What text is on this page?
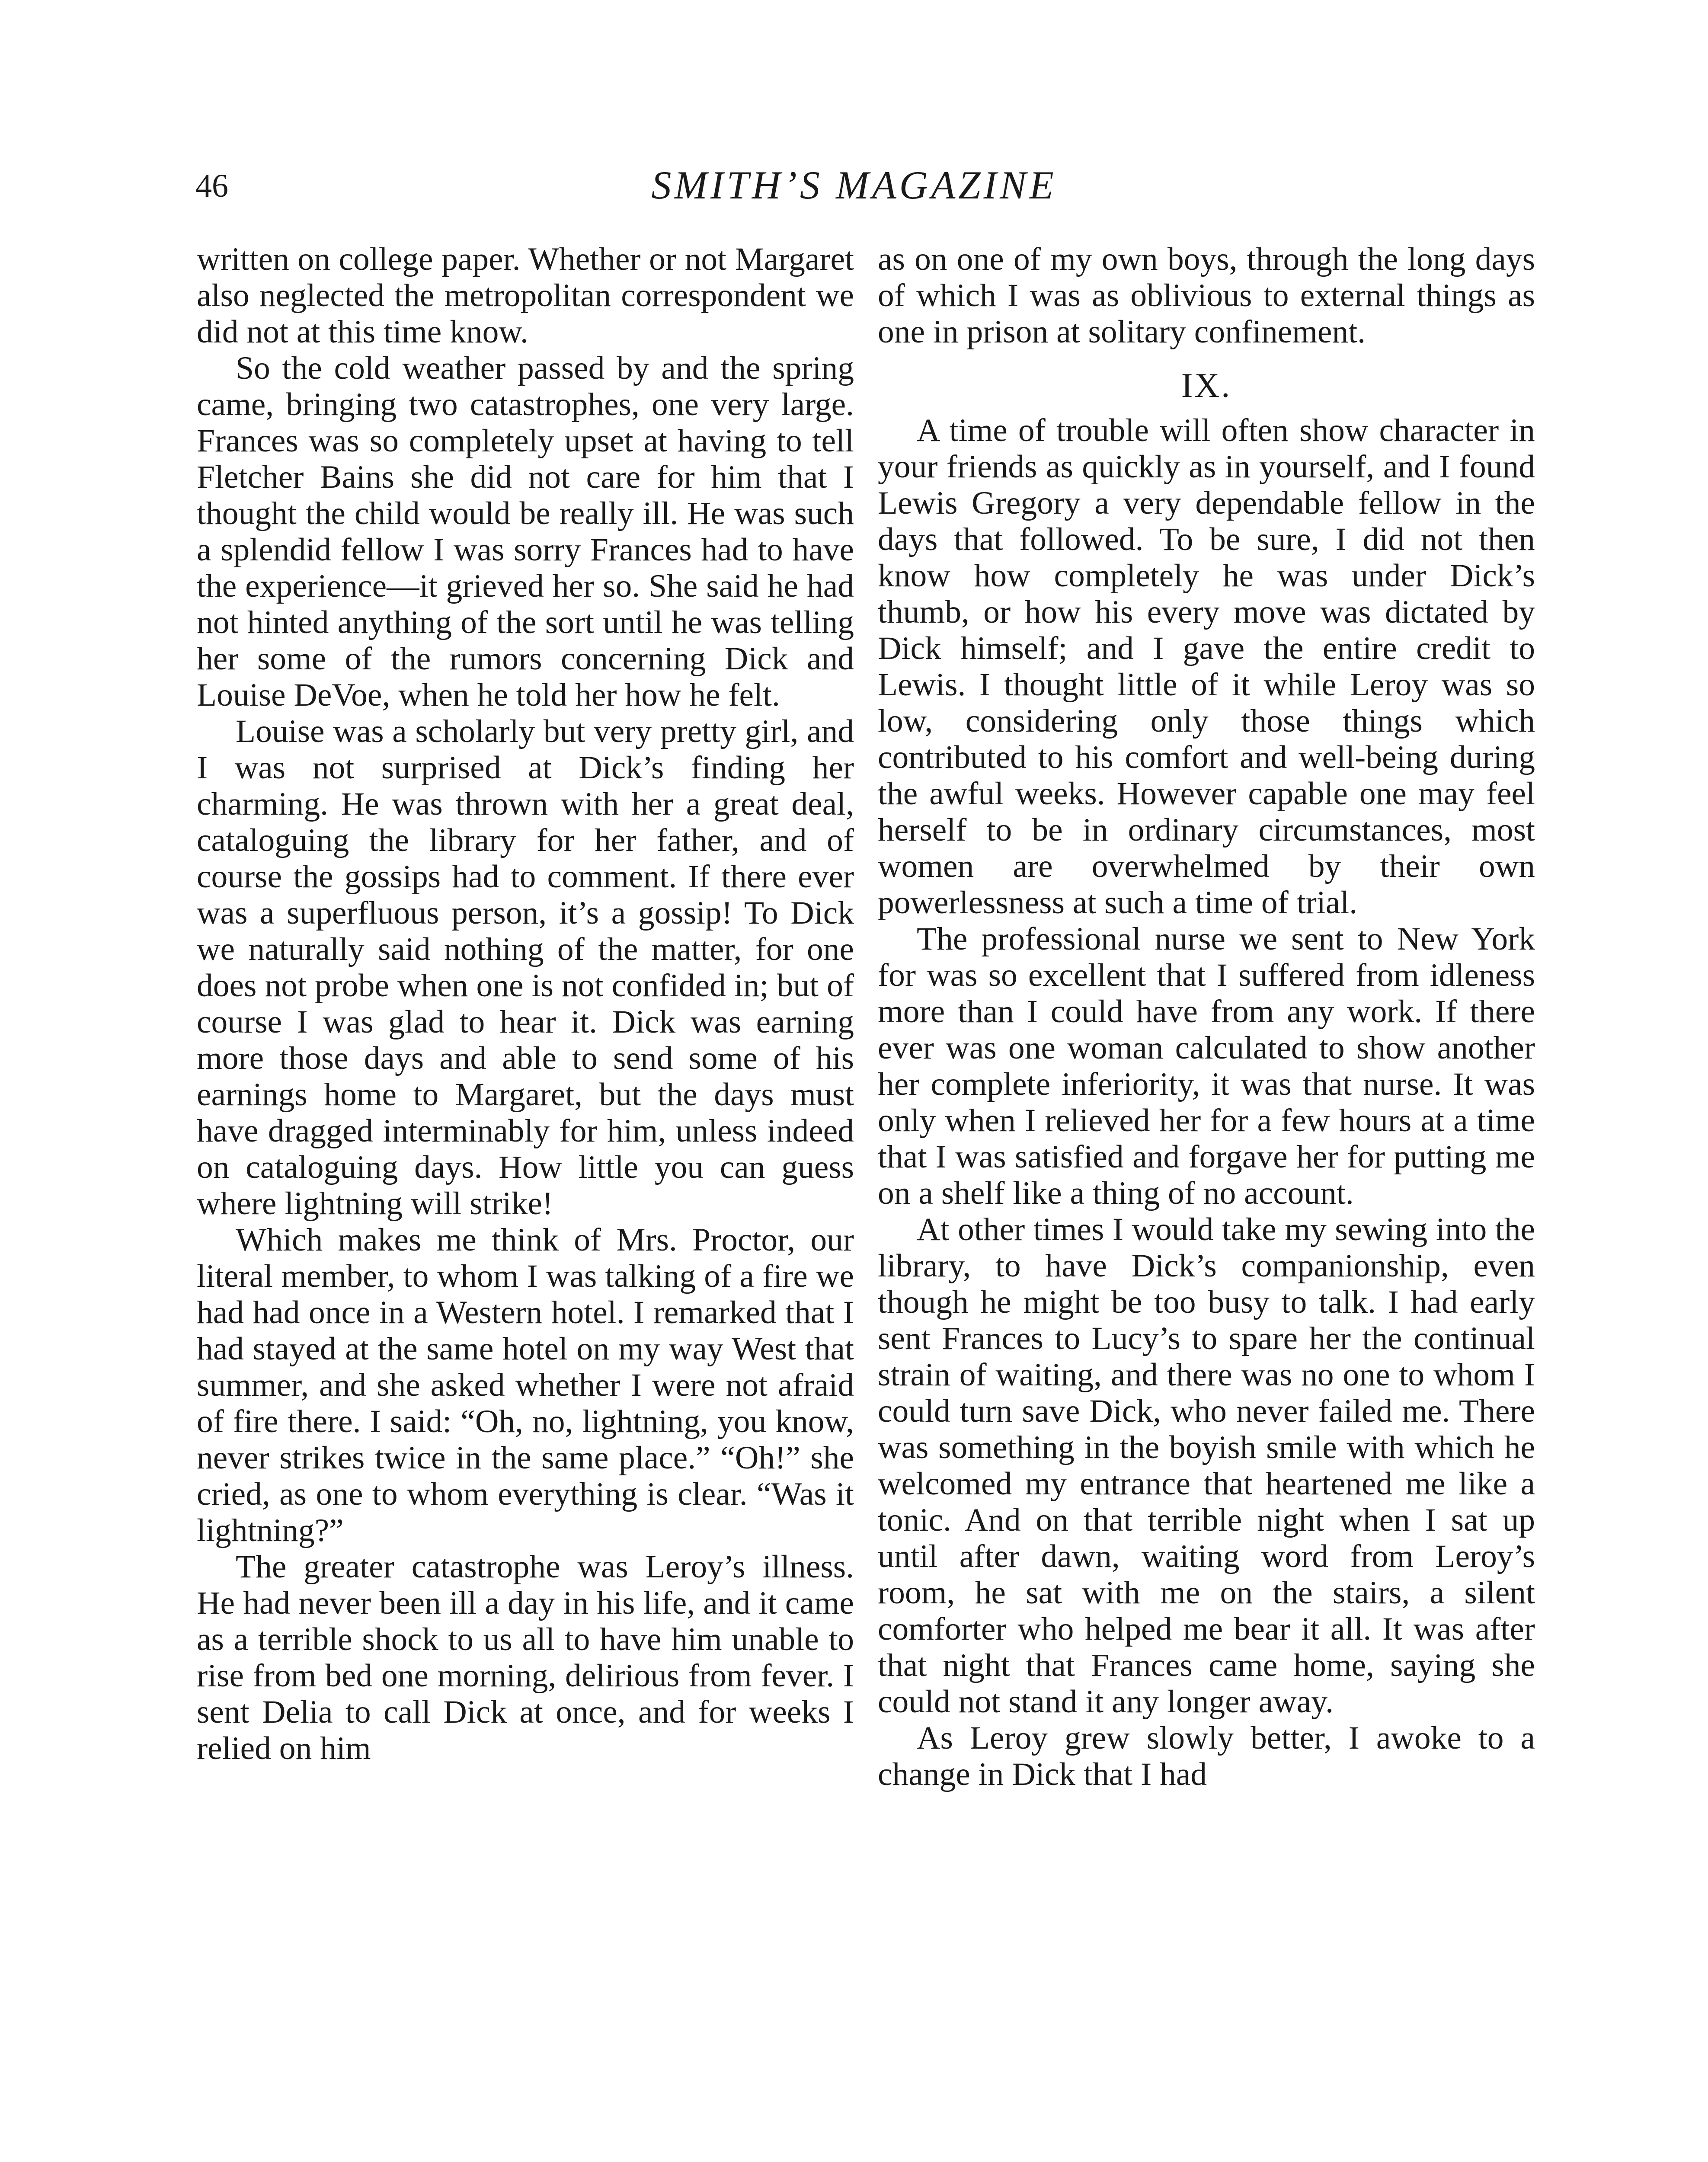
46	SMITH’S MAGAZINE

written on college paper. Whether or not Margaret also neglected the metropolitan correspondent we did not at this time know.

So the cold weather passed by and the spring came, bringing two catastrophes, one very large. Frances was so completely upset at having to tell Fletcher Bains she did not care for him that I thought the child would be really ill. He was such a splendid fellow I was sorry Frances had to have the experience—it grieved her so. She said he had not hinted anything of the sort until he was telling her some of the rumors concerning Dick and Louise DeVoe, when he told her how he felt.

Louise was a scholarly but very pretty girl, and I was not surprised at Dick’s finding her charming. He was thrown with her a great deal, cataloguing the library for her father, and of course the gossips had to comment. If there ever was a superfluous person, it’s a gossip! To Dick we naturally said nothing of the matter, for one does not probe when one is not confided in; but of course I was glad to hear it. Dick was earning more those days and able to send some of his earnings home to Margaret, but the days must have dragged interminably for him, unless indeed on cataloguing days. How little you can guess where lightning will strike!

Which makes me think of Mrs. Proctor, our literal member, to whom I was talking of a fire we had had once in a Western hotel. I remarked that I had stayed at the same hotel on my way West that summer, and she asked whether I were not afraid of fire there. I said: “Oh, no, lightning, you know, never strikes twice in the same place.” “Oh!” she cried, as one to whom everything is clear. “Was it lightning?”

The greater catastrophe was Leroy’s illness. He had never been ill a day in his life, and it came as a terrible shock to us all to have him unable to rise from bed one morning, delirious from fever. I sent Delia to call Dick at once, and for weeks I relied on him

as on one of my own boys, through the long days of which I was as oblivious to external things as one in prison at solitary confinement.

IX.

A time of trouble will often show character in your friends as quickly as in yourself, and I found Lewis Gregory a very dependable fellow in the days that followed. To be sure, I did not then know how completely he was under Dick’s thumb, or how his every move was dictated by Dick himself; and I gave the entire credit to Lewis. I thought little of it while Leroy was so low, considering only those things which contributed to his comfort and well-being during the awful weeks. However capable one may feel herself to be in ordinary circumstances, most women are overwhelmed by their own powerlessness at such a time of trial.

The professional nurse we sent to New York for was so excellent that I suffered from idleness more than I could have from any work. If there ever was one woman calculated to show another her complete inferiority, it was that nurse. It was only when I relieved her for a few hours at a time that I was satisfied and forgave her for putting me on a shelf like a thing of no account.

At other times I would take my sewing into the library, to have Dick’s companionship, even though he might be too busy to talk. I had early sent Frances to Lucy’s to spare her the continual strain of waiting, and there was no one to whom I could turn save Dick, who never failed me. There was something in the boyish smile with which he welcomed my entrance that heartened me like a tonic. And on that terrible night when I sat up until after dawn, waiting word from Leroy’s room, he sat with me on the stairs, a silent comforter who helped me bear it all. It was after that night that Frances came home, saying she could not stand it any longer away.

As Leroy grew slowly better, I awoke to a change in Dick that I had
